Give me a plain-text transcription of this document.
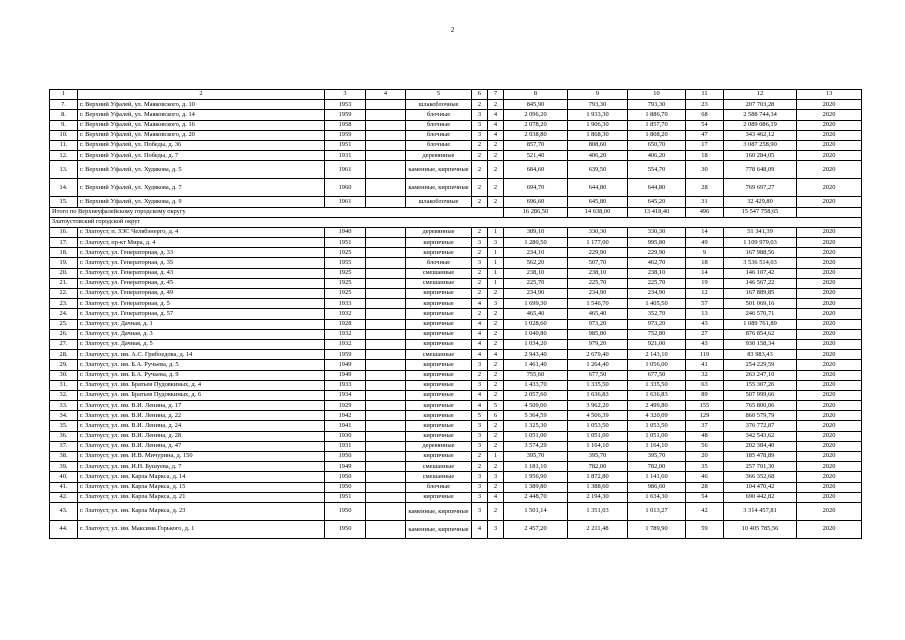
2
1	2	3	4	5	6	7	8	9	10	11	12	13
7.	г. Верхний Уфалей, ул. Маяковского, д. 10	1953		шлакоблочные	2	2	845,90	793,30	793,30	23	207 703,28	2020
8.	г. Верхний Уфалей, ул. Маяковского, д. 14	1959		блочные	3	4	2 096,20	1 933,30	1 886,70	68	2 588 744,34	2020
9.	г. Верхний Уфалей, ул. Маяковского, д. 16	1958		блочные	3	4	2 078,20	1 906,30	1 857,70	54	2 089 086,19	2020
10.	г. Верхний Уфалей, ул. Маяковского, д. 20	1959		блочные	3	4	2 038,80	1 868,30	1 808,20	47	343 462,12	2020
11.	г. Верхний Уфалей, ул. Победы, д. 36	1951		блочные	2	2	857,70	808,60	650,70	17	3 087 258,90	2020
12.	г. Верхний Уфалей, ул. Победы, д. 7	1931		деревянные	2	2	521,40	406,20	406,20	18	160 284,05	2020
13.	г. Верхний Уфалей, ул. Худякова, д. 5	1961		каменные, кирпичные	2	2	684,60	639,50	554,70	30	778 648,09	2020
14.	г. Верхний Уфалей, ул. Худякова, д. 7	1960		каменные, кирпичные	2	2	694,70	644,80	644,80	28	769 697,27	2020
15.	г. Верхний Уфалей, ул. Худякова, д. 9	1961		шлакоблочные	2	2	696,60	645,80	645,20	31	32 429,80	2020
Итого по Верхнеуфалейскому городскому округу							16 286,50	14 638,00	13 418,40	496	15 547 758,65	
Златоустовский городской округ												
16.	г. Златоуст, п. ЗЭС Челябэнерго, д. 4	1940		деревянные	2	1	389,10	330,30	330,30	14	51 341,39	2020
17.	г. Златоуст, пр-кт Мира, д. 4	1951		кирпичные	3	3	1 280,50	1 177,00	995,80	49	1 109 979,03	2020
18.	г. Златоуст, ул. Генераторная, д. 33	1925		кирпичные	2	1	234,10	229,90	229,90	9	167 988,56	2020
19.	г. Златоуст, ул. Генераторная, д. 35	1955		блочные	3	1	562,20	507,70	462,70	18	3 536 514,03	2020
20.	г. Златоуст, ул. Генераторная, д. 43	1925		смешанные	2	1	238,10	238,10	238,10	14	146 107,42	2020
21.	г. Златоуст, ул. Генераторная, д. 45	1925		смешанные	2	1	225,70	225,70	225,70	19	146 567,22	2020
22.	г. Златоуст, ул. Генераторная, д. 49	1925		кирпичные	2	2	234,90	234,90	234,90	12	167 889,85	2020
23.	г. Златоуст, ул. Генераторная, д. 5	1933		кирпичные	4	3	1 699,30	1 546,70	1 405,50	57	501 069,16	2020
24.	г. Златоуст, ул. Генераторная, д. 57	1932		кирпичные	2	2	465,40	465,40	352,70	13	246 570,71	2020
25.	г. Златоуст, ул. Дачная, д. 1	1928		кирпичные	4	2	1 028,60	973,20	973,20	43	1 089 761,89	2020
26.	г. Златоуст, ул. Дачная, д. 3	1932		кирпичные	4	2	1 040,80	985,80	752,80	27	876 854,62	2020
27.	г. Златоуст, ул. Дачная, д. 5	1932		кирпичные	4	2	1 034,20	979,20	921,00	43	930 158,34	2020
28.	г. Златоуст, ул. им. А.С. Грибоедова, д. 14	1959		смешанные	4	4	2 943,40	2 679,40	2 143,10	119	83 983,43	2020
29.	г. Златоуст, ул. им. Б.А. Ручьева, д. 5	1949		кирпичные	3	2	1 461,40	1 264,40	1 056,00	41	254 229,59	2020
30.	г. Златоуст, ул. им. Б.А. Ручьева, д. 9	1949		кирпичные	2	2	755,60	677,50	677,50	32	263 247,10	2020
31.	г. Златоуст, ул. им. Братьев Пудовкиных, д. 4	1933		кирпичные	3	2	1 433,70	1 335,50	1 335,50	63	155 307,26	2020
32.	г. Златоуст, ул. им. Братьев Пудовкиных, д. 6	1934		кирпичные	4	2	2 057,60	1 636,83	1 636,83	89	507 999,66	2020
33.	г. Златоуст, ул. им. В.И. Ленина, д. 17	1929		кирпичные	4	5	4 509,00	3 962,20	2 499,80	155	765 800,06	2020
34.	г. Златоуст, ул. им. В.И. Ленина, д. 22	1942		кирпичные	5	6	5 364,59	4 506,39	4 320,09	129	860 579,79	2020
35.	г. Златоуст, ул. им. В.И. Ленина, д. 24	1941		кирпичные	3	2	1 325,30	1 053,50	1 053,50	37	376 772,87	2020
36.	г. Златоуст, ул. им. В.И. Ленина, д. 28	1930		кирпичные	3	2	1 051,00	1 051,00	1 051,00	48	342 543,62	2020
37.	г. Златоуст, ул. им. В.И. Ленина, д. 47	1931		деревянные	3	2	3 574,29	1 164,10	1 164,10	56	202 384,40	2020
38.	г. Златоуст, ул. им. И.В. Мичурина, д. 150	1950		кирпичные	2	1	395,70	395,70	395,70	20	185 478,89	2020
39.	г. Златоуст, ул. им. И.Н. Бушуева, д. 7	1949		смешанные	2	2	1 181,10	782,00	782,00	35	257 701,30	2020
40.	г. Златоуст, ул. им. Карла Маркса, д. 14	1950		смешанные	3	3	1 956,90	1 872,80	1 141,60	46	366 352,68	2020
41.	г. Златоуст, ул. им. Карла Маркса, д. 15	1950		блочные	3	2	1 389,80	1 388,60	986,60	28	104 470,42	2020
42.	г. Златоуст, ул. им. Карла Маркса, д. 21	1951		кирпичные	3	4	2 448,70	2 194,30	1 634,30	54	690 442,82	2020
43.	г. Златоуст, ул. им. Карла Маркса, д. 23	1950		каменные, кирпичные	3	2	1 501,14	1 351,03	1 013,27	42	3 314 457,81	2020
44.	г. Златоуст, ул. им. Максима Горького, д. 1	1950		каменные, кирпичные	4	3	2 457,20	2 211,48	1 789,90	59	10 405 785,56	2020
